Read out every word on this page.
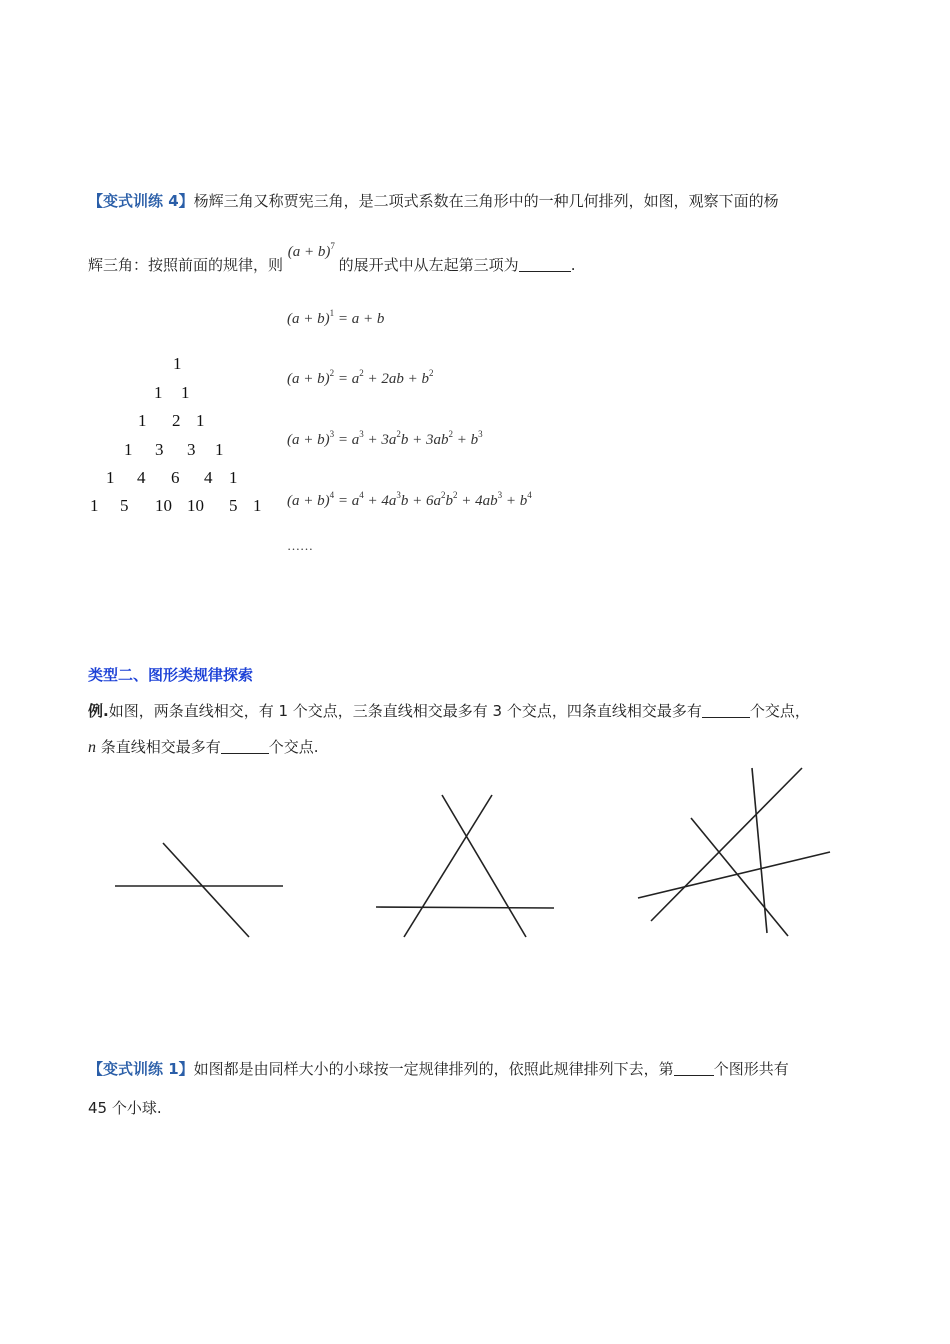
【变式训练 4】杨辉三角又称贾宪三角，是二项式系数在三角形中的一种几何排列，如图，观察下面的杨
辉三角：按照前面的规律，则 $(a + b)^7$ 的展开式中从左起第三项为	.
1
1 1
1 2 1
1 3 3 1
1 4 6 4 1
1 5 10 10 5 1
$(a + b)^1 = a + b$
$(a + b)^2 = a^2 + 2ab + b^2$
$(a + b)^3 = a^3 + 3a^2b + 3ab^2 + b^3$
$(a + b)^4 = a^4 + 4a^3b + 6a^2b^2 + 4ab^3 + b^4$
……
类型二、图形类规律探索
例.如图，两条直线相交，有 1 个交点，三条直线相交最多有 3 个交点，四条直线相交最多有	个交点，
n 条直线相交最多有	个交点.
【变式训练 1】如图都是由同样大小的小球按一定规律排列的，依照此规律排列下去，第	个图形共有
45 个小球.
